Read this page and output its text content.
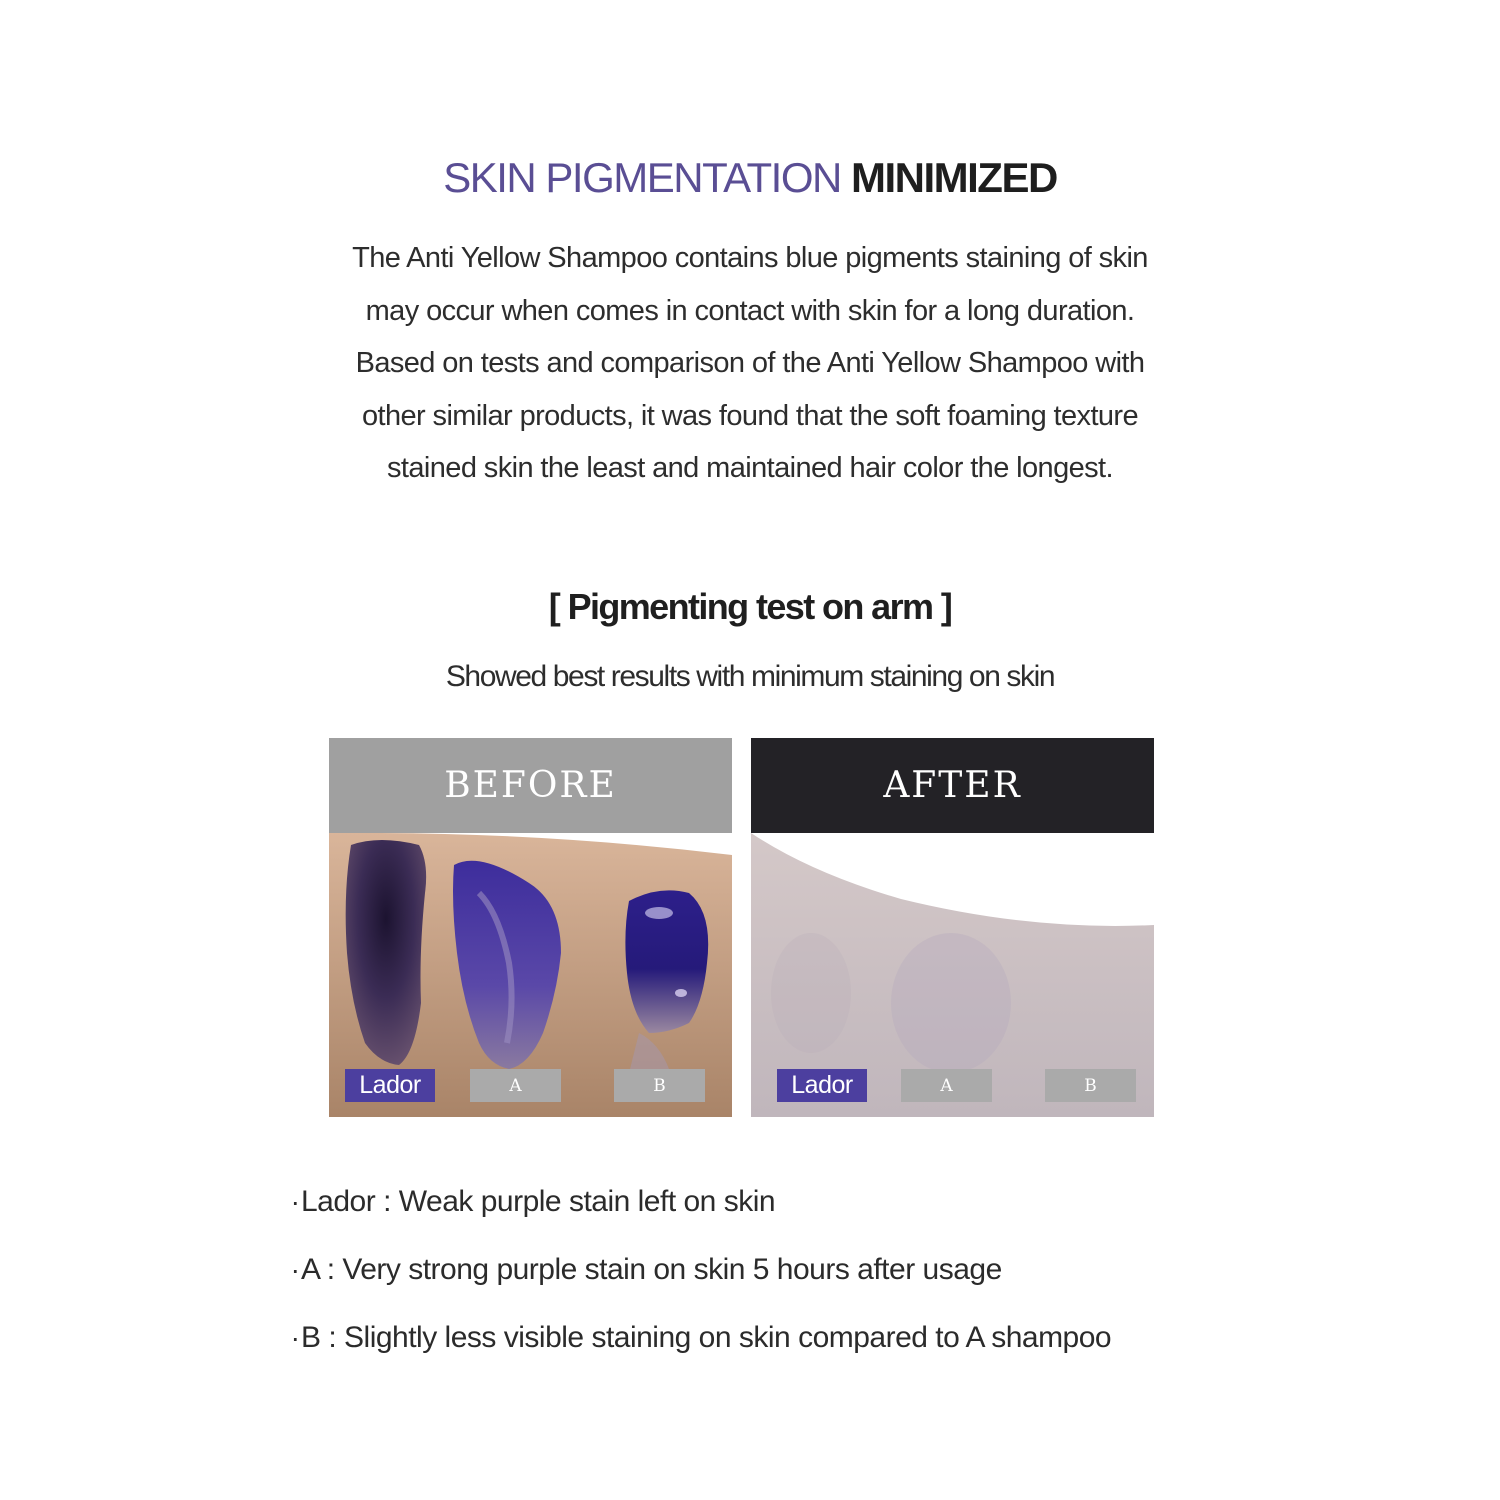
SKIN PIGMENTATION MINIMIZED
The Anti Yellow Shampoo contains blue pigments staining of skin
may occur when comes in contact with skin for a long duration.
Based on tests and comparison of the Anti Yellow Shampoo with
other similar products, it was found that the soft foaming texture
stained skin the least and maintained hair color the longest.
[ Pigmenting test on arm ]
Showed best results with minimum staining on skin
BEFORE	AFTER
Lador	A	B	Lador	A	B
· Lador : Weak purple stain left on skin
· A : Very strong purple stain on skin 5 hours after usage
· B : Slightly less visible staining on skin compared to A shampoo
